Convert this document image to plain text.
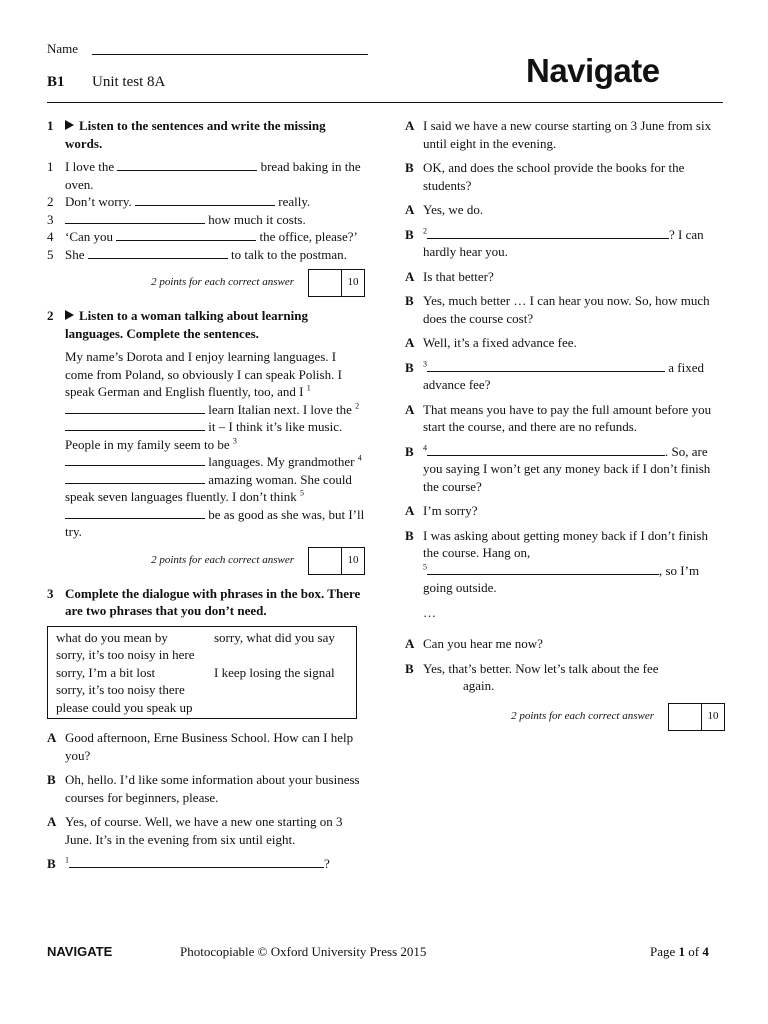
Name
B1 Unit test 8A	Navigate
1	Listen to the sentences and write the missing words.
1 I love the	bread baking in the oven.
2 Don’t worry.	really.
3	how much it costs.
4 ‘Can you	the office, please?’
5 She	to talk to the postman.
2 points for each correct answer	10
2	Listen to a woman talking about learning languages. Complete the sentences.

My name’s Dorota and I enjoy learning languages. I come from Poland, so obviously I can speak Polish. I speak German and English fluently, too, and I $^1$ learn Italian next. I love the $^2$ it – I think it’s like music. People in my family seem to be $^3$ languages. My grandmother $^4$ amazing woman. She could speak seven languages fluently. I don’t think $^5$ be as good as she was, but I’ll try.

2 points for each correct answer	10
3 Complete the dialogue with phrases in the box. There are two phrases that you don’t need.
what do you mean by	sorry, what did you say
sorry, it’s too noisy in here
sorry, I’m a bit lost	I keep losing the signal
sorry, it’s too noisy there
please could you speak up
A Good afternoon, Erne Business School. How can I help you?
B Oh, hello. I’d like some information about your business courses for beginners, please.
A Yes, of course. Well, we have a new one starting on 3 June. It’s in the evening from six until eight.
B	$^1$	?
A I said we have a new course starting on 3 June from six until eight in the evening.
B OK, and does the school provide the books for the students?
A Yes, we do.
B	$^2$	? I can hardly hear you.
A Is that better?
B Yes, much better … I can hear you now. So, how much does the course cost?
A Well, it’s a fixed advance fee.
B	$^3$	a fixed advance fee?
A That means you have to pay the full amount before you start the course, and there are no refunds.
B	$^4$	. So, are you saying I won’t get any money back if I don’t finish the course?
A I’m sorry?
B I was asking about getting money back if I don’t finish the course. Hang on,
$^5$	, so I’m going outside.
…
A Can you hear me now?
B Yes, that’s better. Now let’s talk about the fee
again.
2 points for each correct answer	10
NAVIGATE	Photocopiable © Oxford University Press 2015	Page 1 of 4
